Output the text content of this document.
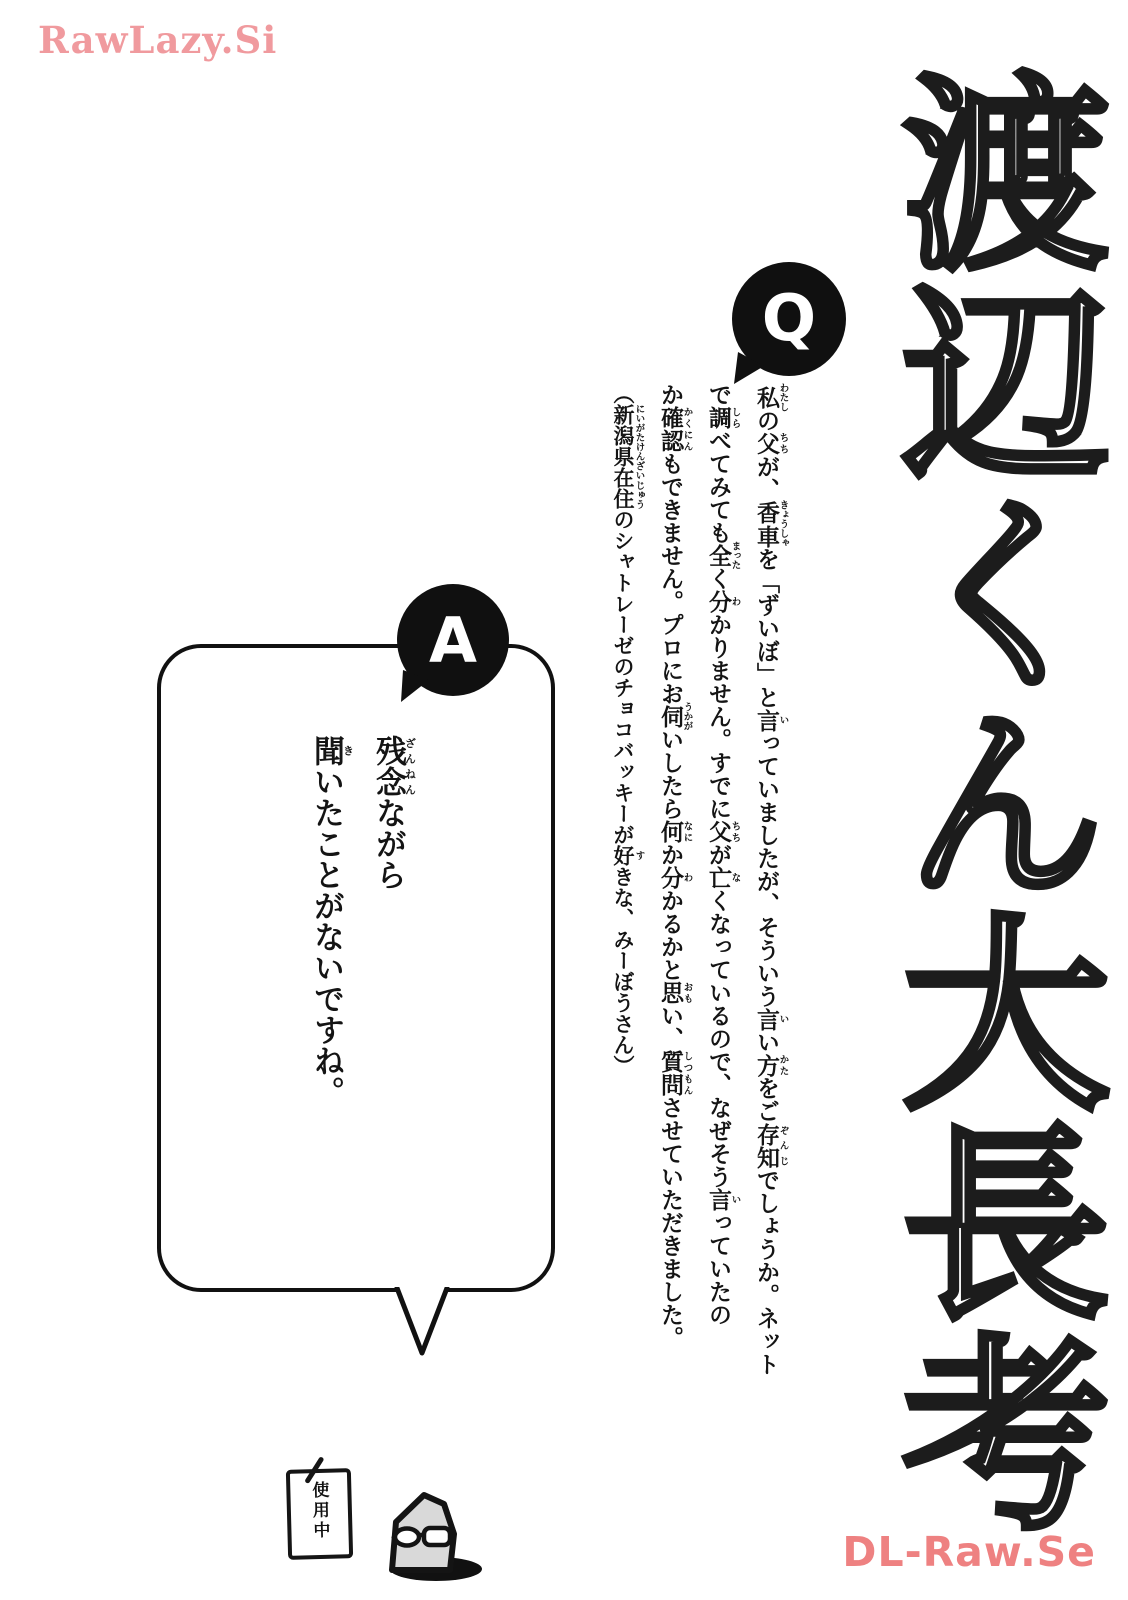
RawLazy.Si
渡辺くん大長考
Q
私わたしの父ちちが、香車きょうしゃを「ずいぼ」と言いっていましたが、そういう言いい方かたをご存知ぞんじでしょうか。ネット
で調しらべてみても全まったく分わかりません。すでに父ちちが亡なくなっているので、なぜそう言いっていたの
か確認かくにんもできません。プロにお伺うかがいしたら何なにか分わかるかと思おもい、質問しつもんさせていただきました。
（新潟県在住にいがたけんざいじゅうのシャトレーゼのチョコバッキーが好すきな、みーぼうさん）
A
残念ざんねんながら
聞きいたことがないですね。
使用中
DL-Raw.Se
